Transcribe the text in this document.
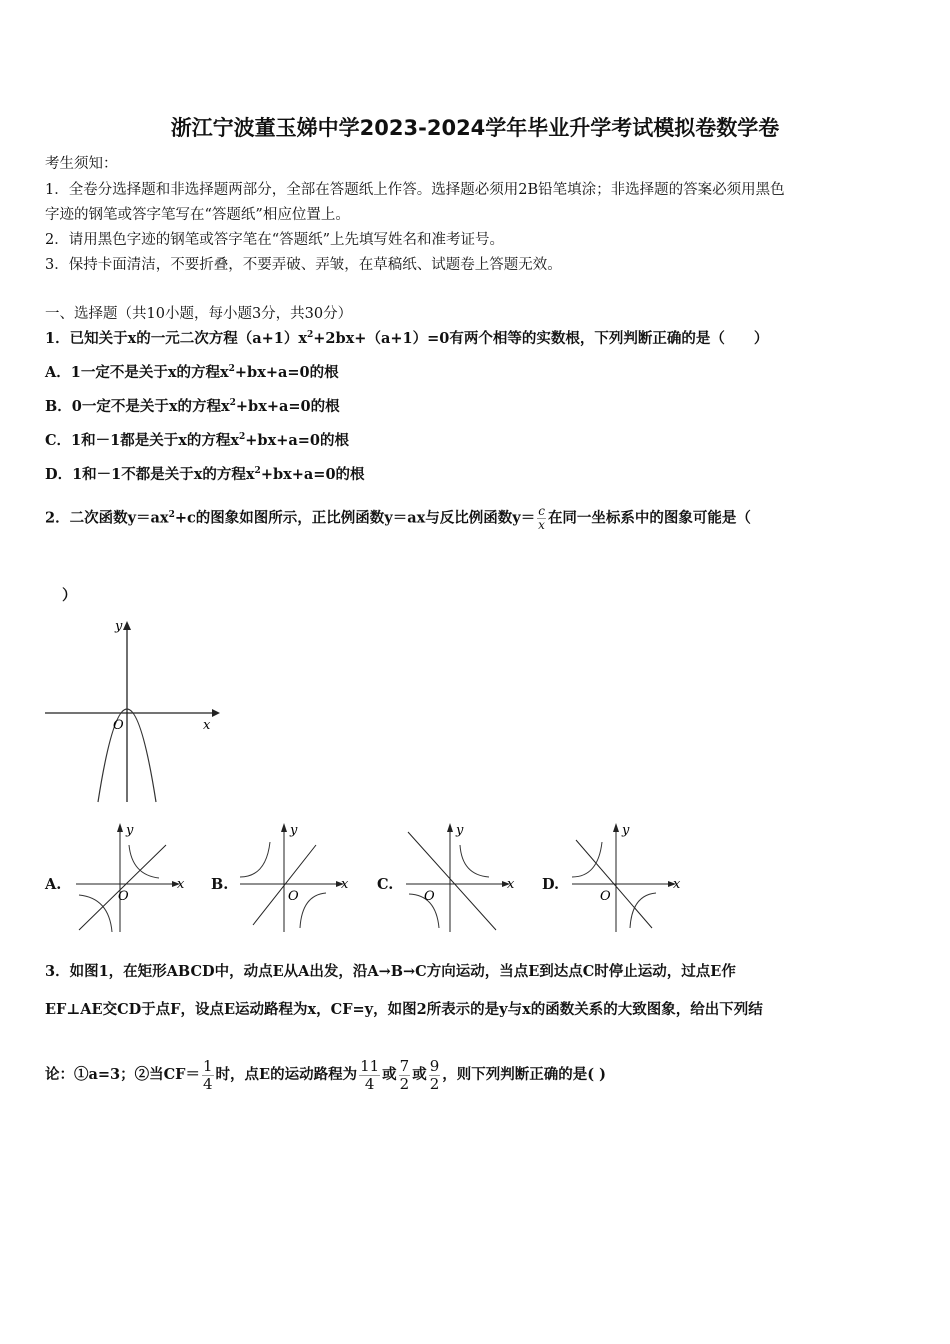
浙江宁波董玉娣中学2023-2024学年毕业升学考试模拟卷数学卷
考生须知：
1．全卷分选择题和非选择题两部分，全部在答题纸上作答。选择题必须用2B铅笔填涂；非选择题的答案必须用黑色
字迹的钢笔或答字笔写在“答题纸”相应位置上。
2．请用黑色字迹的钢笔或答字笔在“答题纸”上先填写姓名和准考证号。
3．保持卡面清洁，不要折叠，不要弄破、弄皱，在草稿纸、试题卷上答题无效。
一、选择题（共10小题，每小题3分，共30分）
1．已知关于x的一元二次方程$(a+1)x^2+2bx+(a+1)=0$有两个相等的实数根，下列判断正确的是（　　）
A．1一定不是关于x的方程$x^2+bx+a=0$的根
B．0一定不是关于x的方程$x^2+bx+a=0$的根
C．1和－1都是关于x的方程$x^2+bx+a=0$的根
D．1和－1不都是关于x的方程$x^2+bx+a=0$的根
2．二次函数$y=ax^2+c$的图象如图所示，正比例函数y＝ax与反比例函数$y= \frac{c}{x}$ 在同一坐标系中的图象可能是（
）
y
x
O
A.
y
x
O
B.
y
x
O
C.
y
x
O
D.
y
x
O
3．如图1，在矩形ABCD中，动点E从A出发，沿A→B→C方向运动，当点E到达点C时停止运动，过点E作
EF⊥AE交CD于点F，设点E运动路程为x，CF=y，如图2所表示的是y与x的函数关系的大致图象，给出下列结
论：①a=3；②当$CF= \frac{1}{4}$ 时，点E的运动路程为 $\frac{11}{4}$ 或 $\frac{7}{2}$ 或 $\frac{9}{2}$ ，则下列判断正确的是( )
